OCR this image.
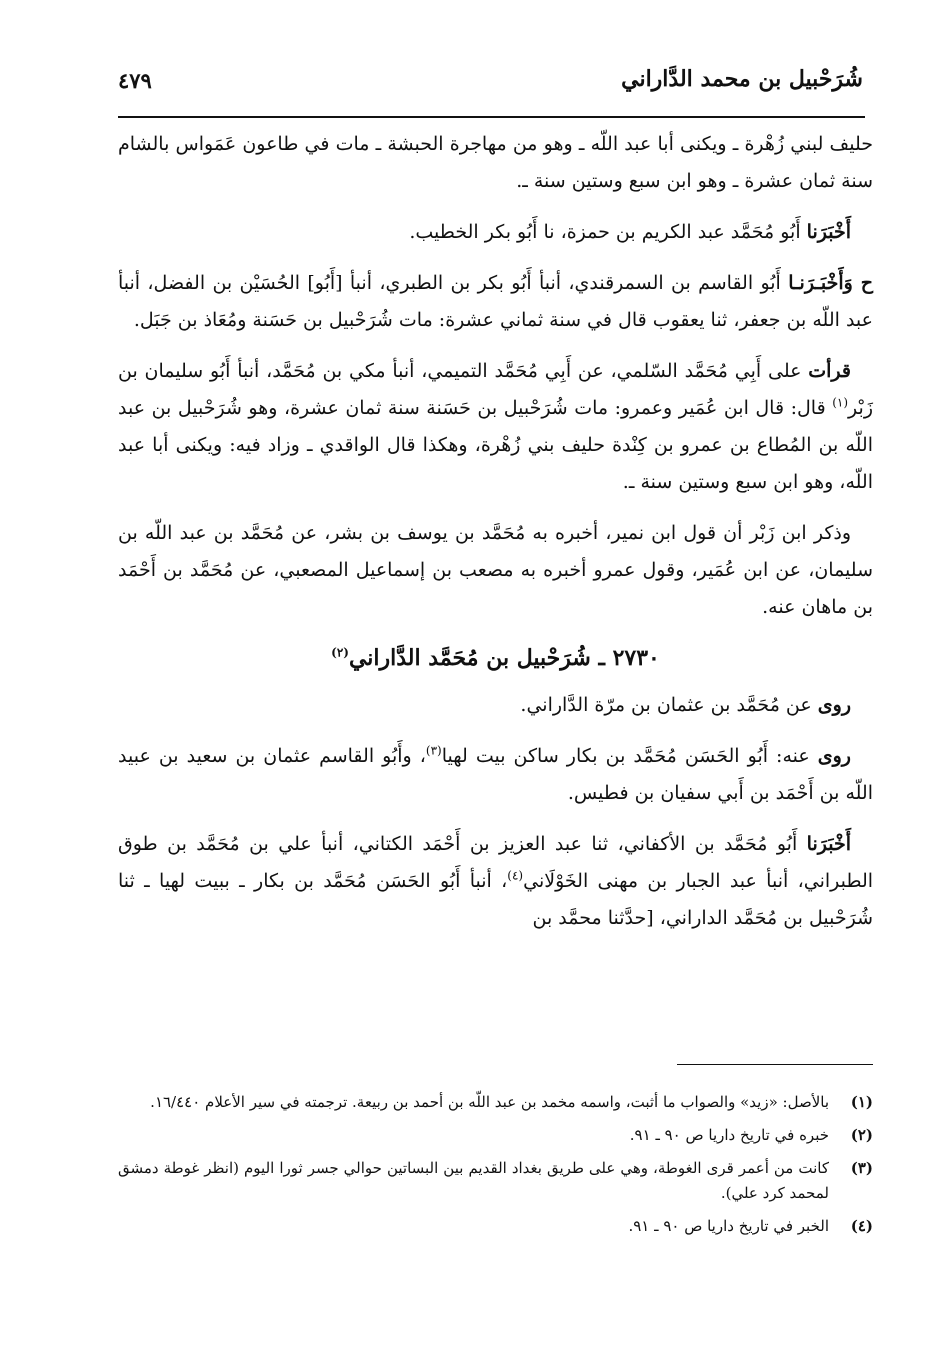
شُرَحْبيل بن محمد الدَّاراني
٤٧٩

حليف لبني زُهْرة ـ ويكنى أبا عبد اللّه ـ وهو من مهاجرة الحبشة ـ مات في طاعون عَمَواس بالشام سنة ثمان عشرة ـ وهو ابن سبع وستين سنة ـ.

أَخْبَرَنا أَبُو مُحَمَّد عبد الكريم بن حمزة، نا أَبُو بكر الخطيب.

ح وَأَخْبَـرَنـا أَبُو القاسم بن السمرقندي، أنبأ أَبُو بكر بن الطبري، أنبأ [أَبُو] الحُسَيْن بن الفضل، أنبأ عبد اللّه بن جعفر، ثنا يعقوب قال في سنة ثماني عشرة: مات شُرَحْبيل بن حَسَنة ومُعَاذ بن جَبَل.

قرأت على أَبِي مُحَمَّد السّلمي، عن أَبِي مُحَمَّد التميمي، أنبأ مكي بن مُحَمَّد، أنبأ أَبُو سليمان بن زَبْر$^{(١)}$ قال: قال ابن عُمَير وعمرو: مات شُرَحْبيل بن حَسَنة سنة ثمان عشرة، وهو شُرَحْبيل بن عبد اللّه بن المُطاع بن عمرو بن كِنْدة حليف بني زُهْرة، وهكذا قال الواقدي ـ وزاد فيه: ويكنى أبا عبد اللّه، وهو ابن سبع وستين سنة ـ.

وذكر ابن زَبْر أن قول ابن نمير، أخبره به مُحَمَّد بن يوسف بن بشر، عن مُحَمَّد بن عبد اللّه بن سليمان، عن ابن عُمَير، وقول عمرو أخبره به مصعب بن إسماعيل المصعبي، عن مُحَمَّد بن أَحْمَد بن ماهان عنه.

٢٧٣٠ ـ شُرَحْبيل بن مُحَمَّد الدَّاراني$^{(٢)}$

روى عن مُحَمَّد بن عثمان بن مرّة الدَّاراني.

روى عنه: أَبُو الحَسَن مُحَمَّد بن بكار ساكن بيت لهيا$^{(٣)}$، وأَبُو القاسم عثمان بن سعيد بن عبيد اللّه بن أَحْمَد بن أَبي سفيان بن فطيس.

أَخْبَرَنا أَبُو مُحَمَّد بن الأكفاني، ثنا عبد العزيز بن أَحْمَد الكتاني، أنبأ علي بن مُحَمَّد بن طوق الطبراني، أنبأ عبد الجبار بن مهنى الخَوْلَاني$^{(٤)}$، أنبأ أَبُو الحَسَن مُحَمَّد بن بكار ـ ببيت لهيا ـ ثنا شُرَحْبيل بن مُحَمَّد الداراني، [حدَّثنا محمَّد بن

(١)
بالأصل: «زيد» والصواب ما أثبت، واسمه مخمد بن عبد اللّه بن أحمد بن ربيعة. ترجمته في سير الأعلام ١٦/٤٤٠.
(٢)
خبره في تاريخ داريا ص ٩٠ ـ ٩١.
(٣)
كانت من أعمر قرى الغوطة، وهي على طريق بغداد القديم بين البساتين حوالي جسر ثورا اليوم (انظر غوطة دمشق لمحمد كرد علي).
(٤)
الخبر في تاريخ داريا ص ٩٠ ـ ٩١.
